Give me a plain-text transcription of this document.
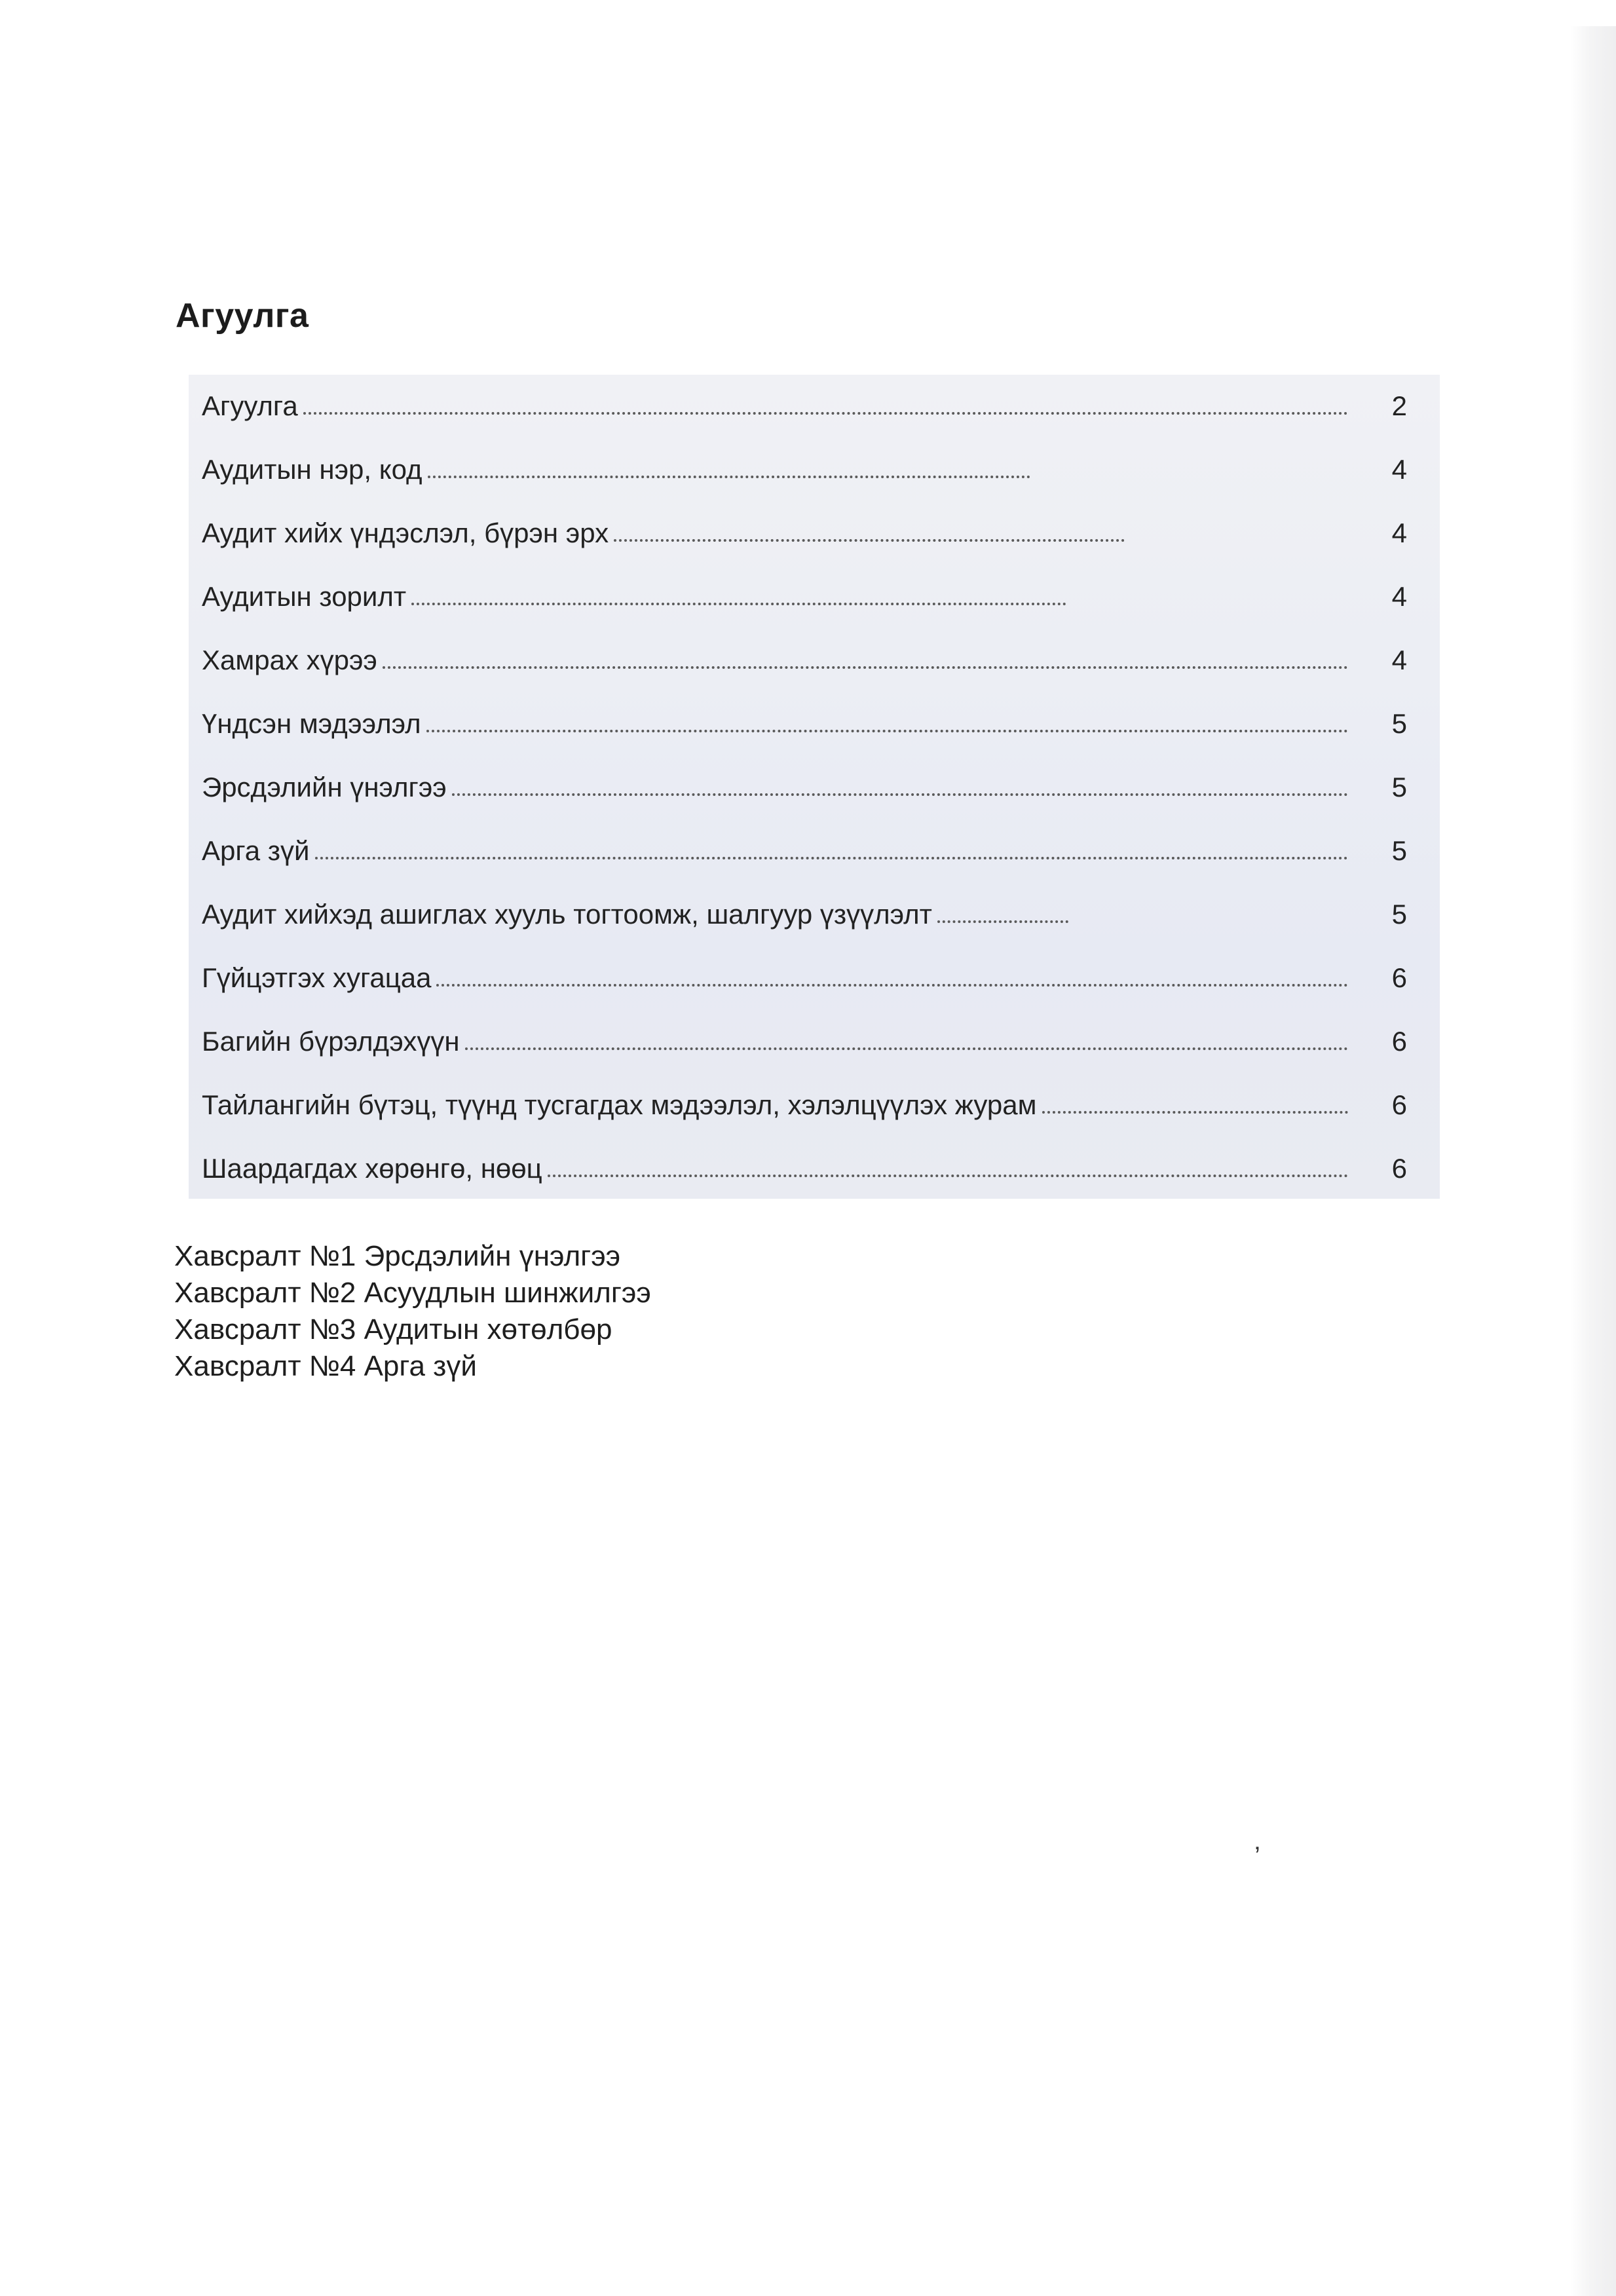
Агуулга
Агуулга	2
Аудитын нэр, код	4
Аудит хийх үндэслэл, бүрэн эрх	4
Аудитын зорилт	4
Хамрах хүрээ	4
Үндсэн мэдээлэл	5
Эрсдэлийн үнэлгээ	5
Арга зүй	5
Аудит хийхэд ашиглах хууль тогтоомж, шалгуур үзүүлэлт	5
Гүйцэтгэх хугацаа	6
Багийн бүрэлдэхүүн	6
Тайлангийн бүтэц, түүнд тусгагдах мэдээлэл, хэлэлцүүлэх журам	6
Шаардагдах хөрөнгө, нөөц	6
Хавсралт №1 Эрсдэлийн үнэлгээ
Хавсралт №2 Асуудлын шинжилгээ
Хавсралт №3 Аудитын хөтөлбөр
Хавсралт №4 Арга зүй
‚
